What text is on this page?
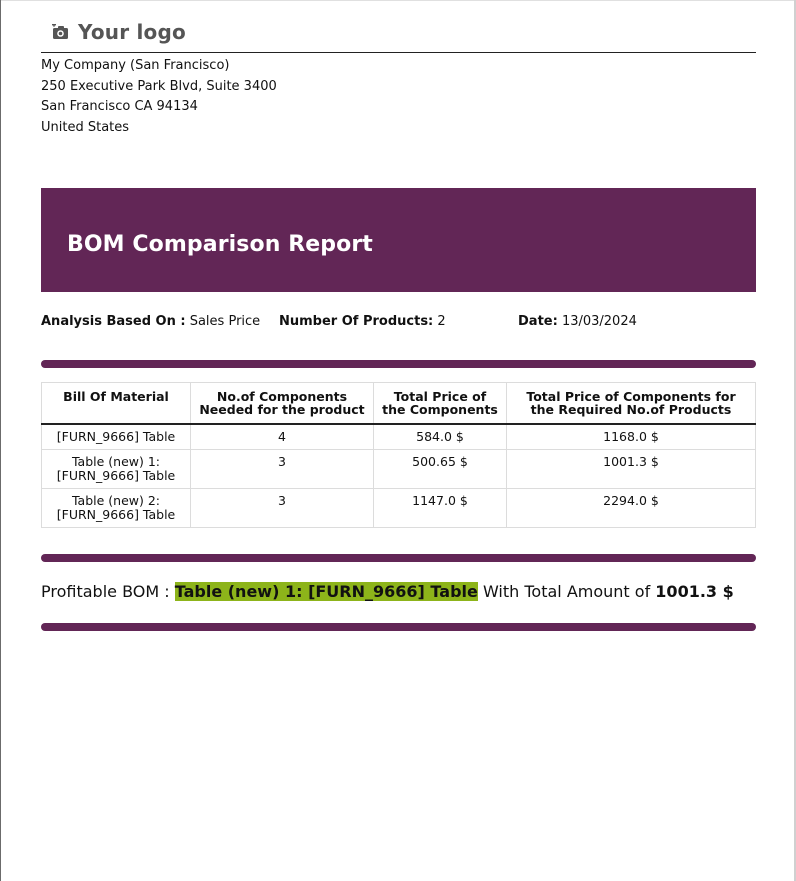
Your logo
My Company (San Francisco)
250 Executive Park Blvd, Suite 3400
San Francisco CA 94134
United States
BOM Comparison Report
Analysis Based On : Sales Price Number Of Products: 2	Date: 13/03/2024
Bill Of Material	No.of Components Needed for the product	Total Price of the Components	Total Price of Components for the Required No.of Products
[FURN_9666] Table	4	584.0 $	1168.0 $
Table (new) 1: [FURN_9666] Table	3	500.65 $	1001.3 $
Table (new) 2: [FURN_9666] Table	3	1147.0 $	2294.0 $
Profitable BOM : Table (new) 1: [FURN_9666] Table With Total Amount of 1001.3 $
